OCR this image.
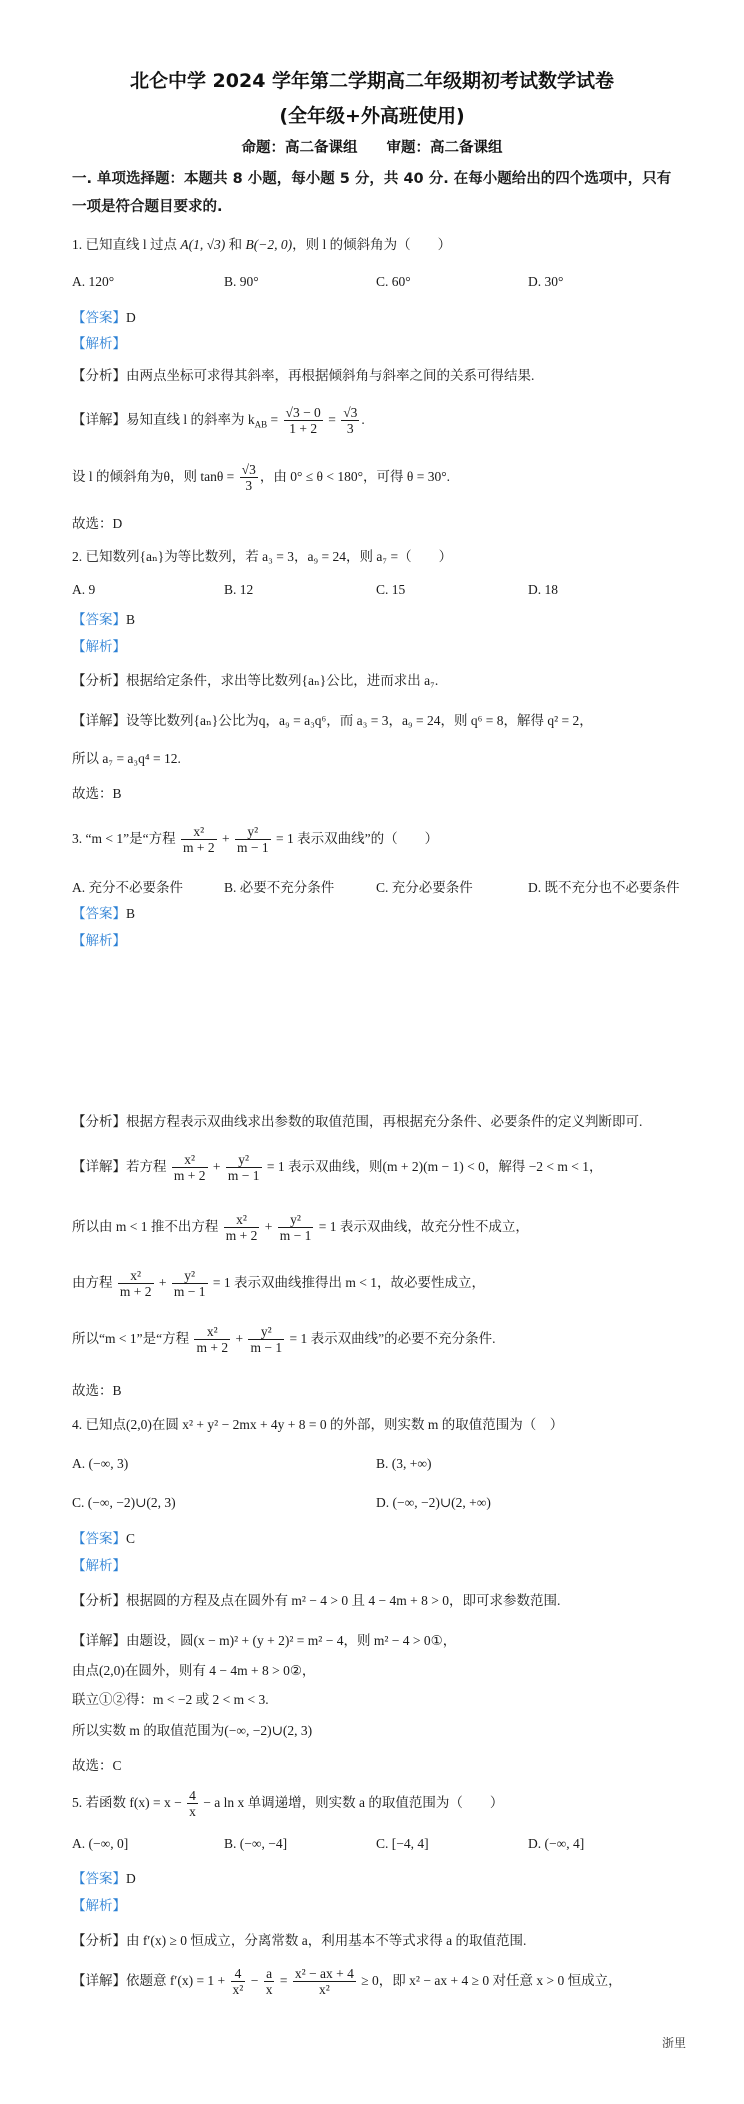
北仑中学 2024 学年第二学期高二年级期初考试数学试卷
(全年级+外高班使用)
命题：高二备课组　　审题：高二备课组
一. 单项选择题：本题共 8 小题，每小题 5 分，共 40 分. 在每小题给出的四个选项中，只有
一项是符合题目要求的.
1. 已知直线 l 过点 A(1, √3) 和 B(−2, 0)，则 l 的倾斜角为（　　）
A. 120°	B. 90°	C. 60°	D. 30°
【答案】D
【解析】
【分析】由两点坐标可求得其斜率，再根据倾斜角与斜率之间的关系可得结果.
【详解】易知直线 l 的斜率为 $k_{AB} = \frac{√3 - 0}{1 + 2} = \frac{√3}{3}$ .
设 l 的倾斜角为θ，则 $\tan\theta = \frac{√3}{3}$ ，由 0° ≤ θ < 180°，可得 θ = 30°.
故选：D
2. 已知数列{aₙ}为等比数列，若 a₃ = 3，a₉ = 24，则 a₇ =（　　）
A. 9	B. 12	C. 15	D. 18
【答案】B
【解析】
【分析】根据给定条件，求出等比数列{aₙ}公比，进而求出 a₇.
【详解】设等比数列{aₙ}公比为q，a₉ = a₃q⁶，而 a₃ = 3，a₉ = 24，则 q⁶ = 8，解得 q² = 2，
所以 a₇ = a₃q⁴ = 12.
故选：B
3. “m < 1”是“方程 $\frac{\text{x²}}{m + 2} + \frac{\text{y²}}{m - 1} = 1$ 表示双曲线”的（　　）
A. 充分不必要条件	B. 必要不充分条件	C. 充分必要条件	D. 既不充分也不必要条件
【答案】B
【解析】
【分析】根据方程表示双曲线求出参数的取值范围，再根据充分条件、必要条件的定义判断即可.
【详解】若方程 $\frac{\text{x²}}{m + 2} + \frac{\text{y²}}{m - 1} = 1$ 表示双曲线，则(m + 2)(m − 1) < 0，解得 −2 < m < 1，
所以由 m < 1 推不出方程 $\frac{\text{x²}}{m + 2} + \frac{\text{y²}}{m - 1} = 1$ 表示双曲线，故充分性不成立，
由方程 $\frac{\text{x²}}{m + 2} + \frac{\text{y²}}{m - 1} = 1$ 表示双曲线推得出 m < 1，故必要性成立，
所以“m < 1”是“方程 $\frac{\text{x²}}{m + 2} + \frac{\text{y²}}{m - 1} = 1$ 表示双曲线”的必要不充分条件.
故选：B
4. 已知点(2,0)在圆 x² + y² − 2mx + 4y + 8 = 0 的外部，则实数 m 的取值范围为（　）
A. (−∞, 3)	B. (3, +∞)
C. (−∞, −2)∪(2, 3)	D. (−∞, −2)∪(2, +∞)
【答案】C
【解析】
【分析】根据圆的方程及点在圆外有 m² − 4 > 0 且 4 − 4m + 8 > 0，即可求参数范围.
【详解】由题设，圆(x − m)² + (y + 2)² = m² − 4，则 m² − 4 > 0①，
由点(2,0)在圆外，则有 4 − 4m + 8 > 0②，
联立①②得：m < −2 或 2 < m < 3.
所以实数 m 的取值范围为(−∞, −2)∪(2, 3)
故选：C
5. 若函数 $f(x) = x - \frac{4}{x} - a$ ln x 单调递增，则实数 a 的取值范围为（　　）
A. (−∞, 0]	B. (−∞, −4]	C. [−4, 4]	D. (−∞, 4]
【答案】D
【解析】
【分析】由 f′(x) ≥ 0 恒成立，分离常数 a，利用基本不等式求得 a 的取值范围.
【详解】依题意 $f'(x) = 1 + \frac{4}{\text{x²}} - \frac{a}{x} = \frac{\text{x² − ax + 4}}{\text{x²}} \ge 0$，即 x² − ax + 4 ≥ 0 对任意 x > 0 恒成立，
浙里
